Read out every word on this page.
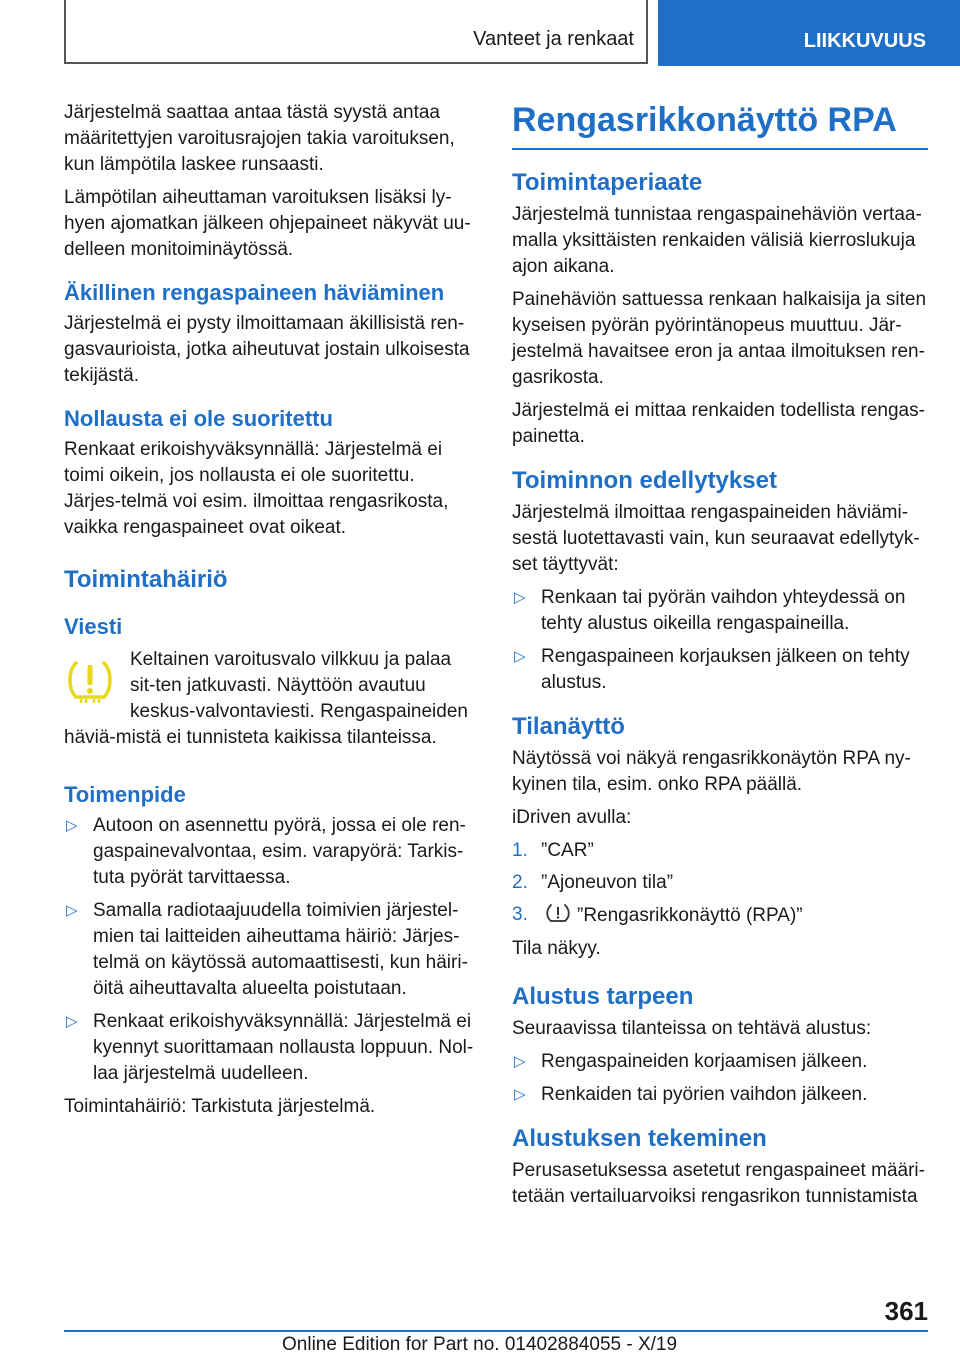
Vanteet ja renkaat	LIIKKUVUUS

Järjestelmä saattaa antaa tästä syystä antaa määritettyjen varoitusrajojen takia varoituksen, kun lämpötila laskee runsaasti.

Lämpötilan aiheuttaman varoituksen lisäksi ly-hyen ajomatkan jälkeen ohjepaineet näkyvät uu-delleen monitoiminäytössä.

Äkillinen rengaspaineen häviäminen

Järjestelmä ei pysty ilmoittamaan äkillisistä ren-gasvaurioista, jotka aiheutuvat jostain ulkoisesta tekijästä.

Nollausta ei ole suoritettu

Renkaat erikoishyväksynnällä: Järjestelmä ei toimi oikein, jos nollausta ei ole suoritettu. Järjes-telmä voi esim. ilmoittaa rengasrikosta, vaikka rengaspaineet ovat oikeat.

Toimintahäiriö
Viesti

Keltainen varoitusvalo vilkkuu ja palaa sit-ten jatkuvasti. Näyttöön avautuu keskus-valvontaviesti. Rengaspaineiden häviä-mistä ei tunnisteta kaikissa tilanteissa.

Toimenpide
▷ Autoon on asennettu pyörä, jossa ei ole ren-gaspainevalvontaa, esim. varapyörä: Tarkis-tuta pyörät tarvittaessa.
▷ Samalla radiotaajuudella toimivien järjestel-mien tai laitteiden aiheuttama häiriö: Järjes-telmä on käytössä automaattisesti, kun häiri-öitä aiheuttavalta alueelta poistutaan.
▷ Renkaat erikoishyväksynnällä: Järjestelmä ei kyennyt suorittamaan nollausta loppuun. Nol-laa järjestelmä uudelleen.

Toimintahäiriö: Tarkistuta järjestelmä.

Rengasrikkonäyttö RPA
Toimintaperiaate

Järjestelmä tunnistaa rengaspainehäviön vertaa-malla yksittäisten renkaiden välisiä kierroslukuja ajon aikana.

Painehäviön sattuessa renkaan halkaisija ja siten kyseisen pyörän pyörintänopeus muuttuu. Jär-jestelmä havaitsee eron ja antaa ilmoituksen ren-gasrikosta.

Järjestelmä ei mittaa renkaiden todellista rengas-painetta.

Toiminnon edellytykset

Järjestelmä ilmoittaa rengaspaineiden häviämi-sestä luotettavasti vain, kun seuraavat edellytyk-set täyttyvät:

▷ Renkaan tai pyörän vaihdon yhteydessä on tehty alustus oikeilla rengaspaineilla.
▷ Rengaspaineen korjauksen jälkeen on tehty alustus.
Tilanäyttö

Näytössä voi näkyä rengasrikkonäytön RPA ny-kyinen tila, esim. onko RPA päällä.

iDriven avulla:

1. ”CAR”
2. ”Ajoneuvon tila”
3.	”Rengasrikkonäyttö (RPA)”

Tila näkyy.

Alustus tarpeen

Seuraavissa tilanteissa on tehtävä alustus:

▷ Rengaspaineiden korjaamisen jälkeen.
▷ Renkaiden tai pyörien vaihdon jälkeen.
Alustuksen tekeminen

Perusasetuksessa asetetut rengaspaineet määri-tetään vertailuarvoiksi rengasrikon tunnistamista

361
Online Edition for Part no. 01402884055 - X/19
